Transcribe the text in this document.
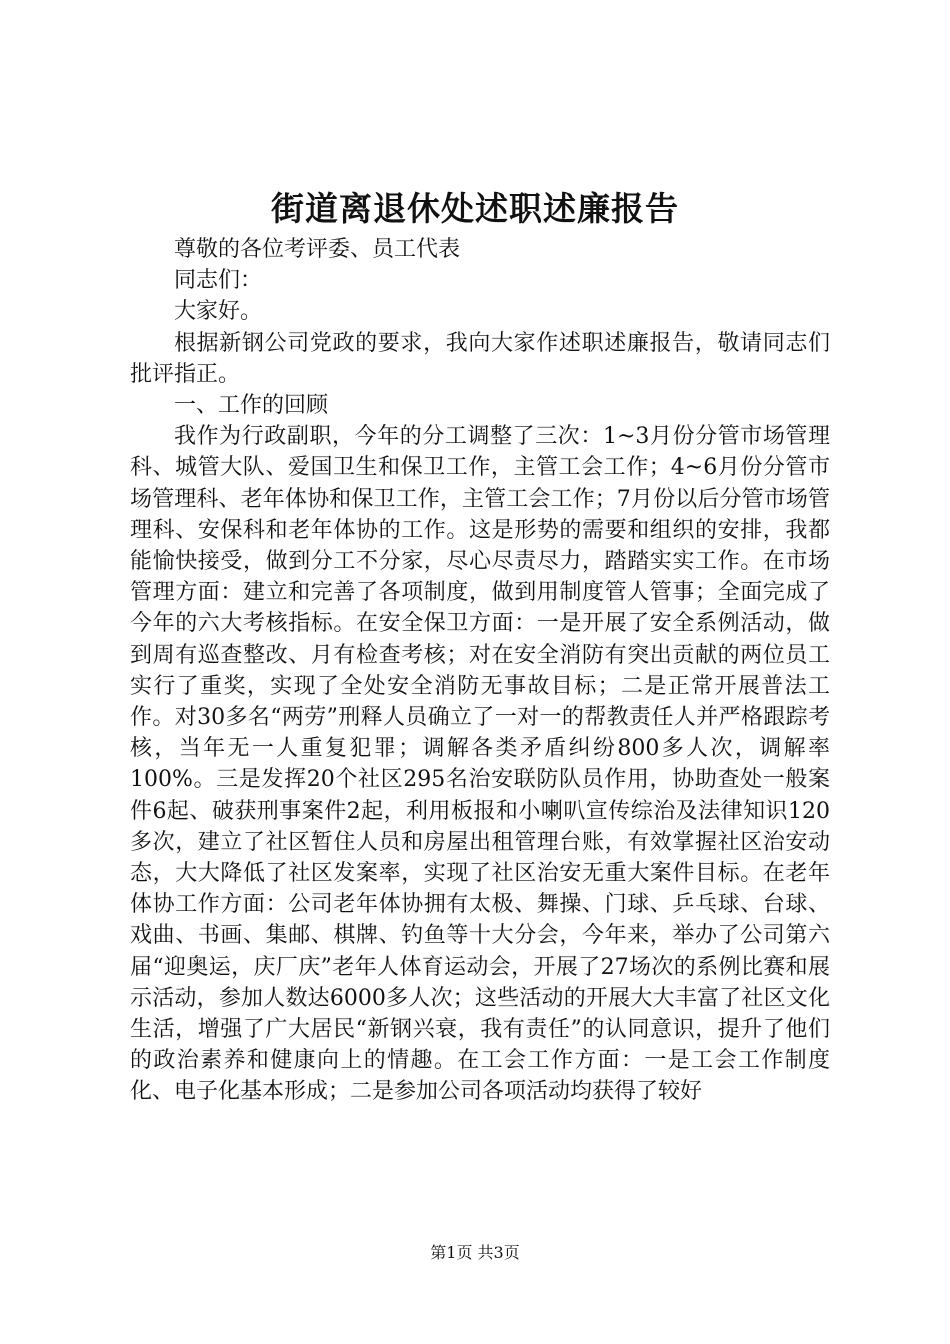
街道离退休处述职述廉报告

尊敬的各位考评委、员工代表

同志们：

大家好。

根据新钢公司党政的要求，我向大家作述职述廉报告，敬请同志们批评指正。

一、工作的回顾

我作为行政副职，今年的分工调整了三次：1~3月份分管市场管理科、城管大队、爱国卫生和保卫工作，主管工会工作；4~6月份分管市场管理科、老年体协和保卫工作，主管工会工作；7月份以后分管市场管理科、安保科和老年体协的工作。这是形势的需要和组织的安排，我都能愉快接受，做到分工不分家，尽心尽责尽力，踏踏实实工作。在市场管理方面：建立和完善了各项制度，做到用制度管人管事；全面完成了今年的六大考核指标。在安全保卫方面：一是开展了安全系例活动，做到周有巡查整改、月有检查考核；对在安全消防有突出贡献的两位员工实行了重奖，实现了全处安全消防无事故目标；二是正常开展普法工作。对30多名“两劳”刑释人员确立了一对一的帮教责任人并严格跟踪考核，当年无一人重复犯罪；调解各类矛盾纠纷800多人次，调解率100%。三是发挥20个社区295名治安联防队员作用，协助查处一般案件6起、破获刑事案件2起，利用板报和小喇叭宣传综治及法律知识120多次，建立了社区暂住人员和房屋出租管理台账，有效掌握社区治安动态，大大降低了社区发案率，实现了社区治安无重大案件目标。在老年体协工作方面：公司老年体协拥有太极、舞操、门球、乒乓球、台球、戏曲、书画、集邮、棋牌、钓鱼等十大分会，今年来，举办了公司第六届“迎奥运，庆厂庆”老年人体育运动会，开展了27场次的系例比赛和展示活动，参加人数达6000多人次；这些活动的开展大大丰富了社区文化生活，增强了广大居民“新钢兴衰，我有责任”的认同意识，提升了他们的政治素养和健康向上的情趣。在工会工作方面：一是工会工作制度化、电子化基本形成；二是参加公司各项活动均获得了较好

第1页 共3页
